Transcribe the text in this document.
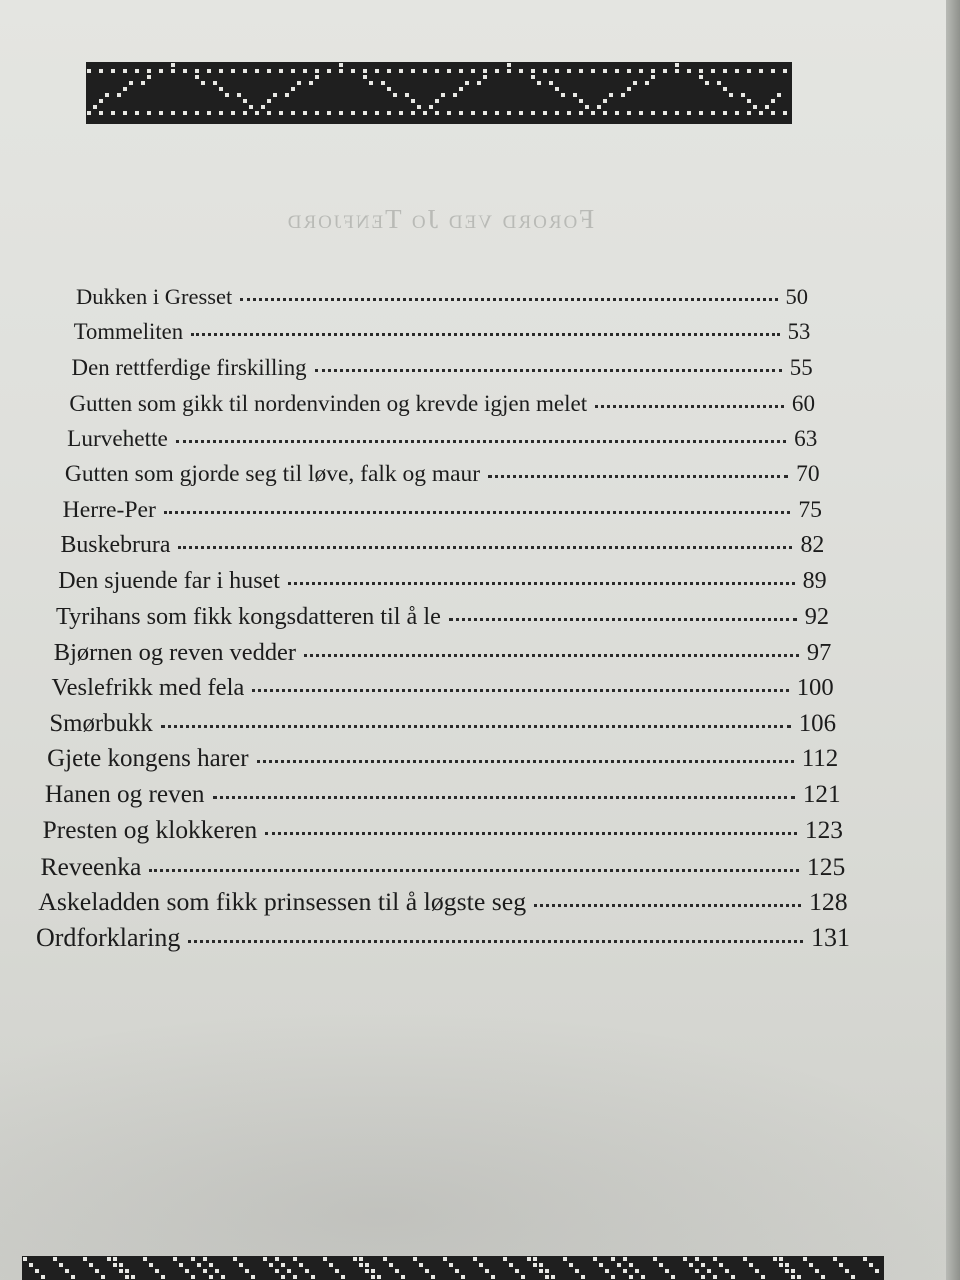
Forord ved Jo Tenfjord
Dukken i Gresset	50
Tommeliten	53
Den rettferdige firskilling	55
Gutten som gikk til nordenvinden og krevde igjen melet	60
Lurvehette	63
Gutten som gjorde seg til løve, falk og maur	70
Herre-Per	75
Buskebrura	82
Den sjuende far i huset	89
Tyrihans som fikk kongsdatteren til å le	92
Bjørnen og reven vedder	97
Veslefrikk med fela	100
Smørbukk	106
Gjete kongens harer	112
Hanen og reven	121
Presten og klokkeren	123
Reveenka	125
Askeladden som fikk prinsessen til å løgste seg	128
Ordforklaring	131
